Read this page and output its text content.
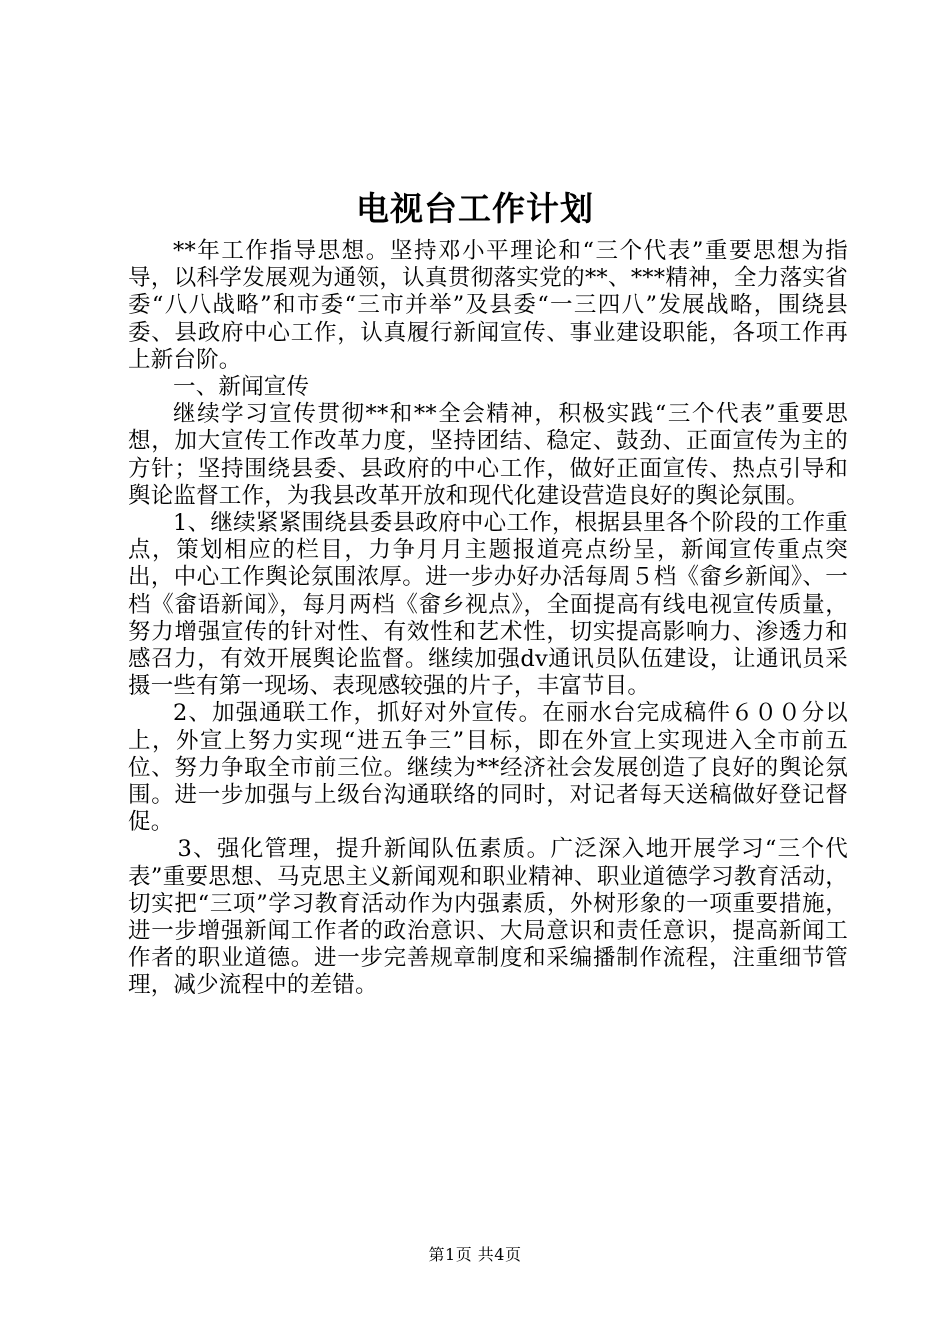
电视台工作计划

**年工作指导思想。坚持邓小平理论和“三个代表”重要思想为指导，以科学发展观为通领，认真贯彻落实党的**、***精神，全力落实省委“八八战略”和市委“三市并举”及县委“一三四八”发展战略，围绕县委、县政府中心工作，认真履行新闻宣传、事业建设职能，各项工作再上新台阶。

一、新闻宣传

继续学习宣传贯彻**和**全会精神，积极实践“三个代表”重要思想，加大宣传工作改革力度，坚持团结、稳定、鼓劲、正面宣传为主的方针；坚持围绕县委、县政府的中心工作，做好正面宣传、热点引导和舆论监督工作，为我县改革开放和现代化建设营造良好的舆论氛围。

1、继续紧紧围绕县委县政府中心工作，根据县里各个阶段的工作重点，策划相应的栏目，力争月月主题报道亮点纷呈，新闻宣传重点突出，中心工作舆论氛围浓厚。进一步办好办活每周５档《畲乡新闻》、一档《畲语新闻》，每月两档《畲乡视点》，全面提高有线电视宣传质量，努力增强宣传的针对性、有效性和艺术性，切实提高影响力、渗透力和感召力，有效开展舆论监督。继续加强dv通讯员队伍建设，让通讯员采摄一些有第一现场、表现感较强的片子，丰富节目。

2、加强通联工作，抓好对外宣传。在丽水台完成稿件６００分以上，外宣上努力实现“进五争三”目标，即在外宣上实现进入全市前五位、努力争取全市前三位。继续为**经济社会发展创造了良好的舆论氛围。进一步加强与上级台沟通联络的同时，对记者每天送稿做好登记督促。

3、强化管理，提升新闻队伍素质。广泛深入地开展学习“三个代表”重要思想、马克思主义新闻观和职业精神、职业道德学习教育活动，切实把“三项”学习教育活动作为内强素质，外树形象的一项重要措施，进一步增强新闻工作者的政治意识、大局意识和责任意识，提高新闻工作者的职业道德。进一步完善规章制度和采编播制作流程，注重细节管理，减少流程中的差错。

第1页 共4页
